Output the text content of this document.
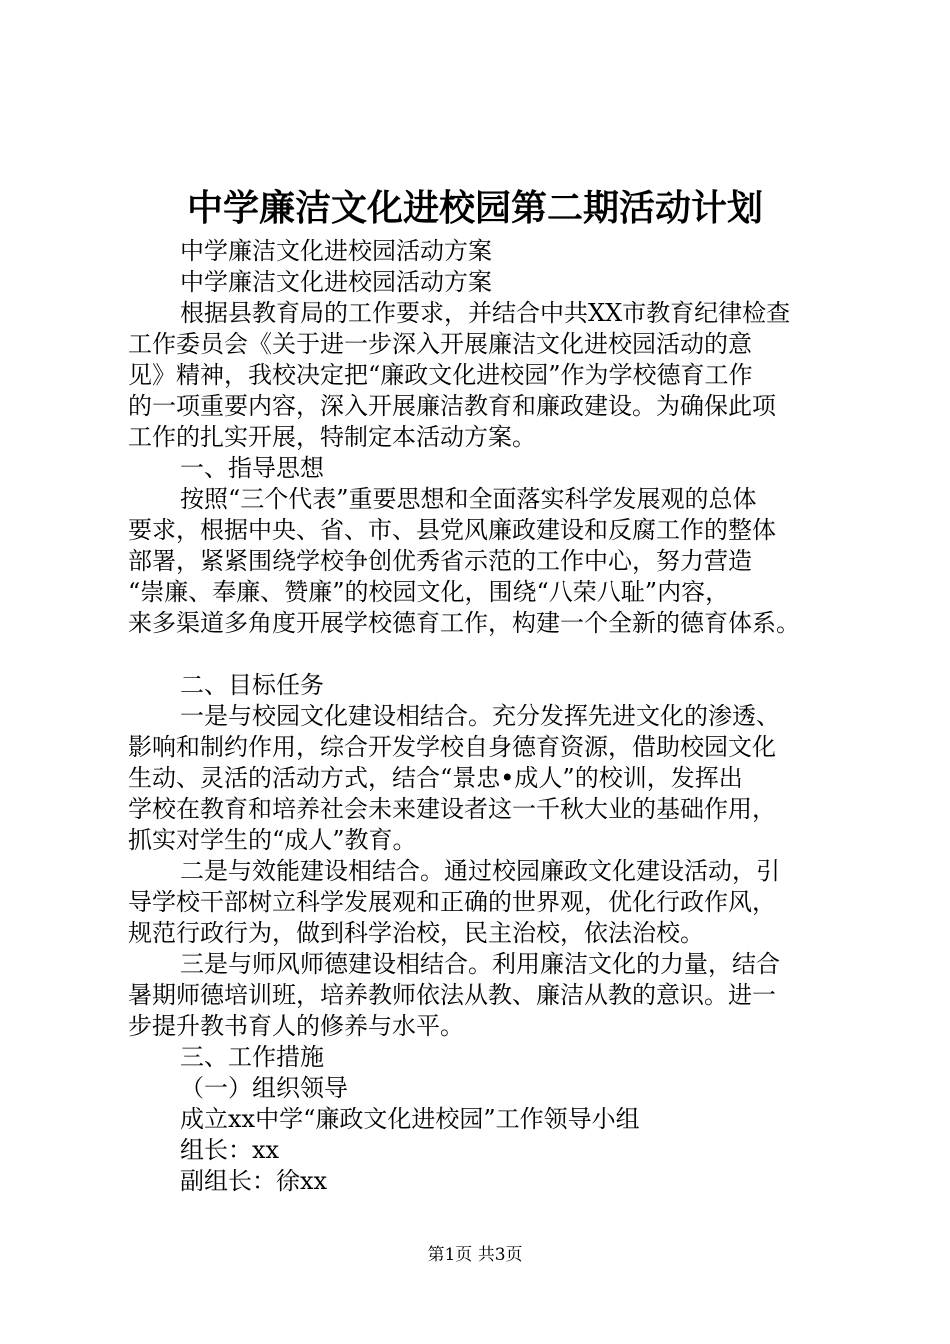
中学廉洁文化进校园第二期活动计划
中学廉洁文化进校园活动方案
中学廉洁文化进校园活动方案
根据县教育局的工作要求，并结合中共XX市教育纪律检查
工作委员会《关于进一步深入开展廉洁文化进校园活动的意
见》精神，我校决定把“廉政文化进校园”作为学校德育工作
的一项重要内容，深入开展廉洁教育和廉政建设。为确保此项
工作的扎实开展，特制定本活动方案。
一、指导思想
按照“三个代表”重要思想和全面落实科学发展观的总体
要求，根据中央、省、市、县党风廉政建设和反腐工作的整体
部署，紧紧围绕学校争创优秀省示范的工作中心，努力营造
“崇廉、奉廉、赞廉”的校园文化，围绕“八荣八耻”内容，
来多渠道多角度开展学校德育工作，构建一个全新的德育体系。
二、目标任务
一是与校园文化建设相结合。充分发挥先进文化的渗透、
影响和制约作用，综合开发学校自身德育资源，借助校园文化
生动、灵活的活动方式，结合“景忠•成人”的校训，发挥出
学校在教育和培养社会未来建设者这一千秋大业的基础作用，
抓实对学生的“成人”教育。
二是与效能建设相结合。通过校园廉政文化建设活动，引
导学校干部树立科学发展观和正确的世界观，优化行政作风，
规范行政行为，做到科学治校，民主治校，依法治校。
三是与师风师德建设相结合。利用廉洁文化的力量，结合
暑期师德培训班，培养教师依法从教、廉洁从教的意识。进一
步提升教书育人的修养与水平。
三、工作措施
（一）组织领导
成立xx中学“廉政文化进校园”工作领导小组
组长：xx
副组长：徐xx
第1页 共3页
